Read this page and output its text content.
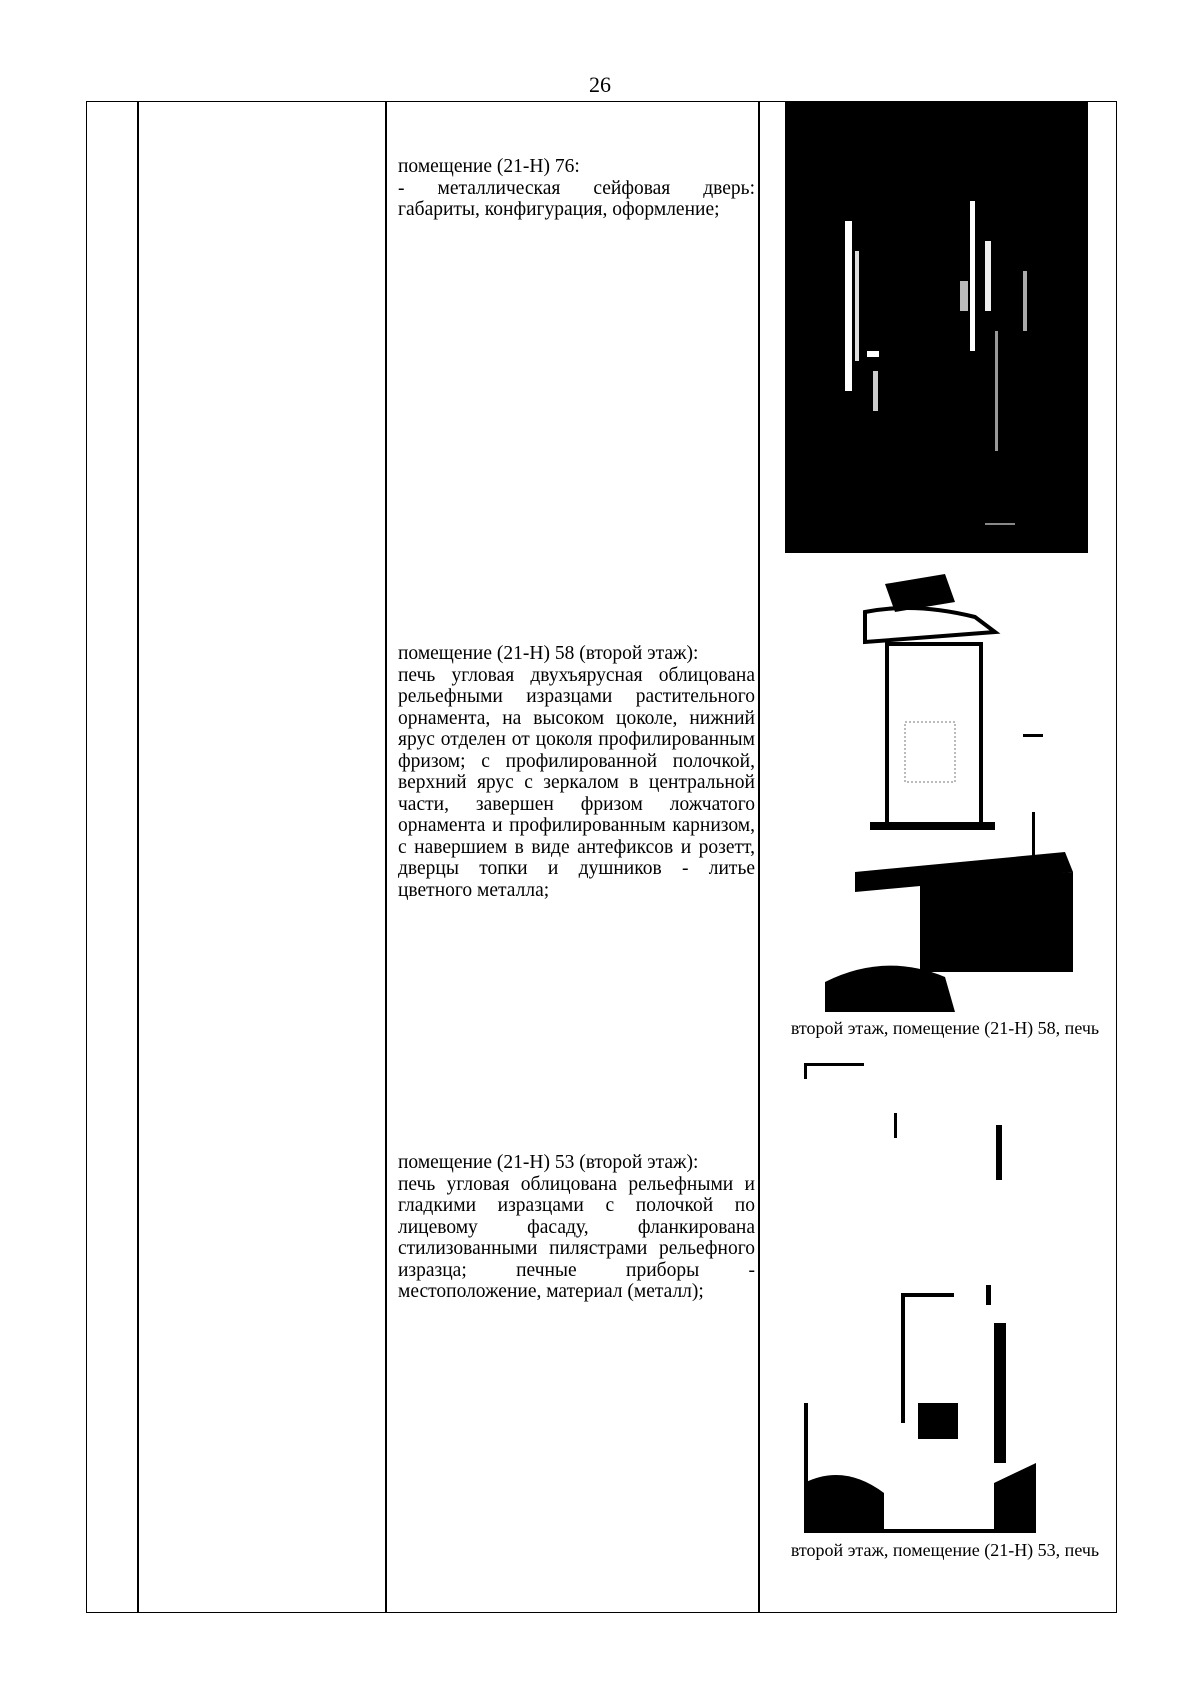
26

помещение (21-Н) 76:

- металлическая сейфовая дверь: габариты, конфигурация, оформление;

помещение (21-Н) 58 (второй этаж):

печь угловая двухъярусная облицована рельефными изразцами растительного орнамента, на высоком цоколе, нижний ярус отделен от цоколя профилированным фризом; с профилированной полочкой, верхний ярус с зеркалом в центральной части, завершен фризом ложчатого орнамента и профилированным карнизом, с навершием в виде антефиксов и розетт, дверцы топки и душников - литье цветного металла;

второй этаж, помещение (21-Н) 58, печь

помещение (21-Н) 53 (второй этаж):

печь угловая облицована рельефными и гладкими изразцами с полочкой по лицевому фасаду, фланкирована стилизованными пилястрами рельефного изразца; печные приборы - местоположение, материал (металл);

второй этаж, помещение (21-Н) 53, печь
